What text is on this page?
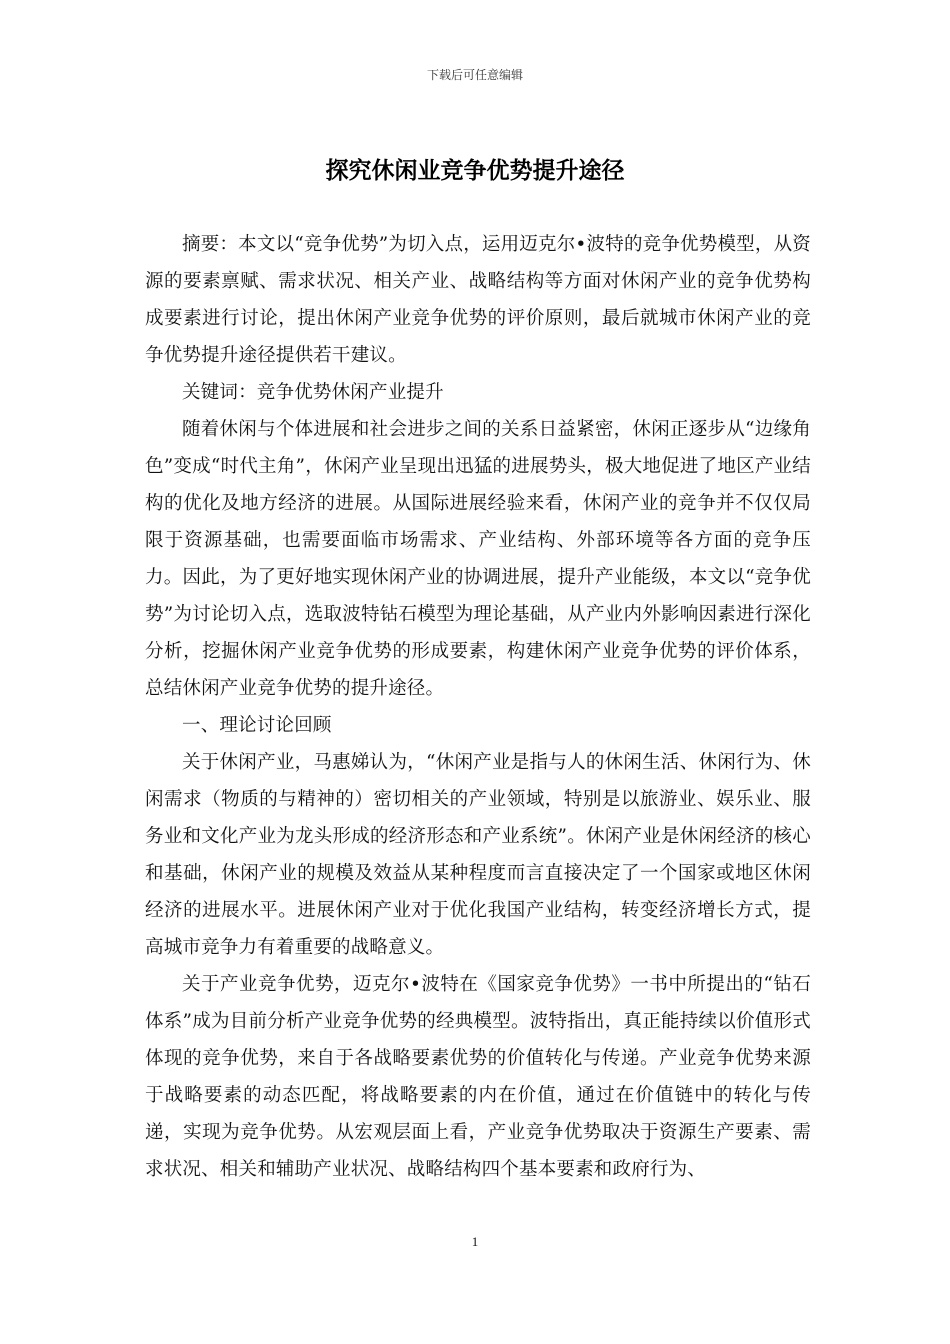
下载后可任意编辑
探究休闲业竞争优势提升途径

摘要：本文以“竞争优势”为切入点，运用迈克尔•波特的竞争优势模型，从资源的要素禀赋、需求状况、相关产业、战略结构等方面对休闲产业的竞争优势构成要素进行讨论，提出休闲产业竞争优势的评价原则，最后就城市休闲产业的竞争优势提升途径提供若干建议。

关键词：竞争优势休闲产业提升

随着休闲与个体进展和社会进步之间的关系日益紧密，休闲正逐步从“边缘角色”变成“时代主角”，休闲产业呈现出迅猛的进展势头，极大地促进了地区产业结构的优化及地方经济的进展。从国际进展经验来看，休闲产业的竞争并不仅仅局限于资源基础，也需要面临市场需求、产业结构、外部环境等各方面的竞争压力。因此，为了更好地实现休闲产业的协调进展，提升产业能级，本文以“竞争优势”为讨论切入点，选取波特钻石模型为理论基础，从产业内外影响因素进行深化分析，挖掘休闲产业竞争优势的形成要素，构建休闲产业竞争优势的评价体系，总结休闲产业竞争优势的提升途径。

一、理论讨论回顾

关于休闲产业，马惠娣认为，“休闲产业是指与人的休闲生活、休闲行为、休闲需求（物质的与精神的）密切相关的产业领域，特别是以旅游业、娱乐业、服务业和文化产业为龙头形成的经济形态和产业系统”。休闲产业是休闲经济的核心和基础，休闲产业的规模及效益从某种程度而言直接决定了一个国家或地区休闲经济的进展水平。进展休闲产业对于优化我国产业结构，转变经济增长方式，提高城市竞争力有着重要的战略意义。

关于产业竞争优势，迈克尔•波特在《国家竞争优势》一书中所提出的“钻石体系”成为目前分析产业竞争优势的经典模型。波特指出，真正能持续以价值形式体现的竞争优势，来自于各战略要素优势的价值转化与传递。产业竞争优势来源于战略要素的动态匹配，将战略要素的内在价值，通过在价值链中的转化与传递，实现为竞争优势。从宏观层面上看，产业竞争优势取决于资源生产要素、需求状况、相关和辅助产业状况、战略结构四个基本要素和政府行为、

1
